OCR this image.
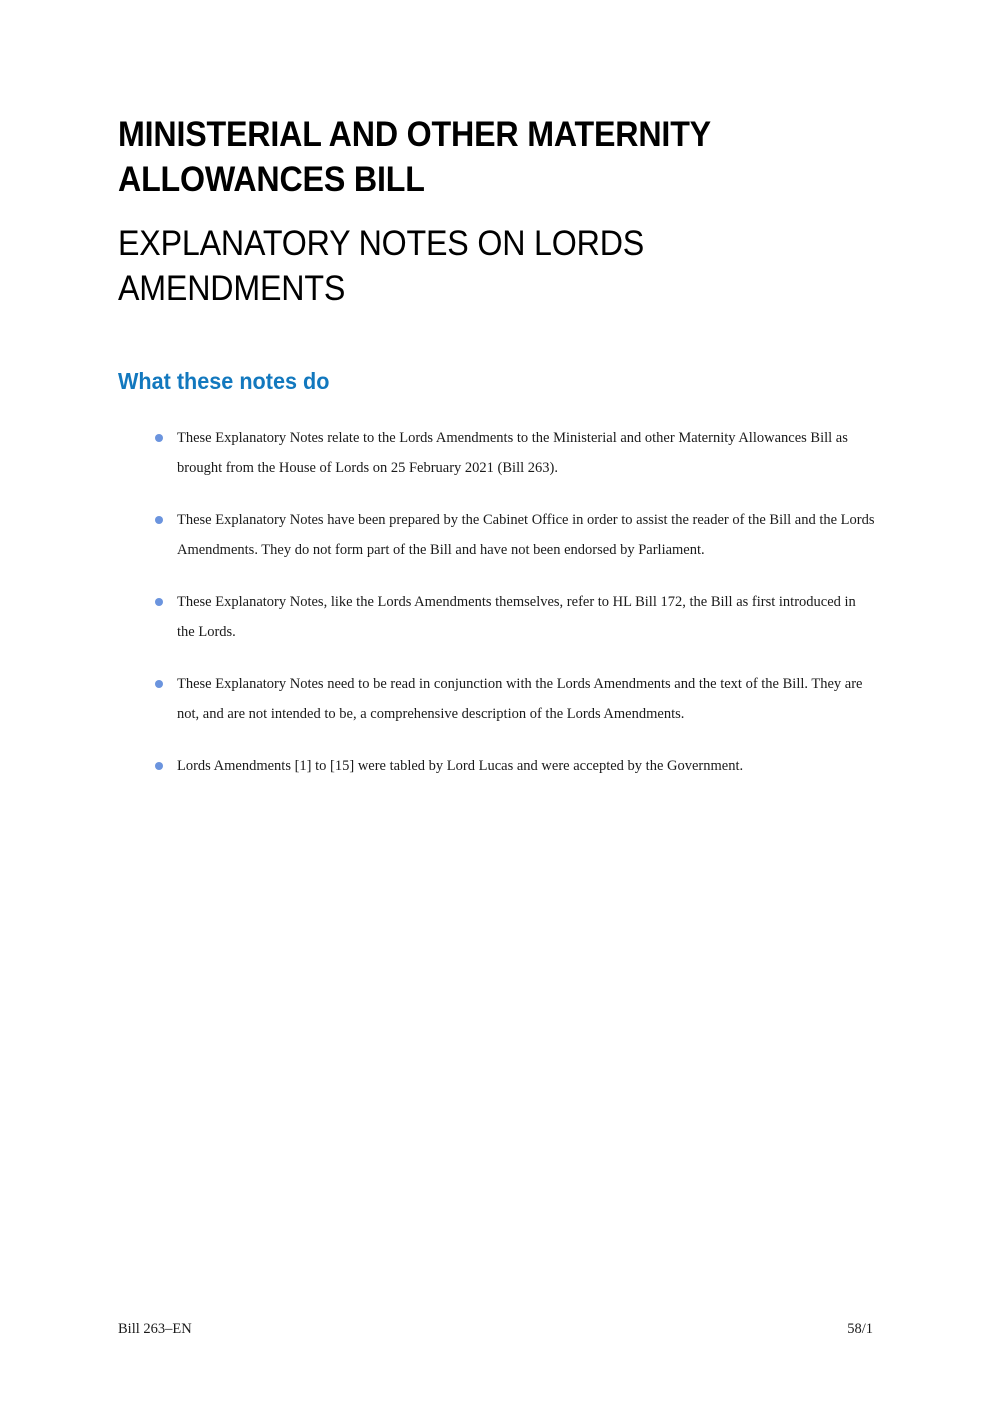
MINISTERIAL AND OTHER MATERNITY ALLOWANCES BILL
EXPLANATORY NOTES ON LORDS AMENDMENTS
What these notes do
These Explanatory Notes relate to the Lords Amendments to the Ministerial and other Maternity Allowances Bill as brought from the House of Lords on 25 February 2021 (Bill 263).
These Explanatory Notes have been prepared by the Cabinet Office in order to assist the reader of the Bill and the Lords Amendments. They do not form part of the Bill and have not been endorsed by Parliament.
These Explanatory Notes, like the Lords Amendments themselves, refer to HL Bill 172, the Bill as first introduced in the Lords.
These Explanatory Notes need to be read in conjunction with the Lords Amendments and the text of the Bill. They are not, and are not intended to be, a comprehensive description of the Lords Amendments.
Lords Amendments [1] to [15] were tabled by Lord Lucas and were accepted by the Government.
Bill 263–EN	58/1
